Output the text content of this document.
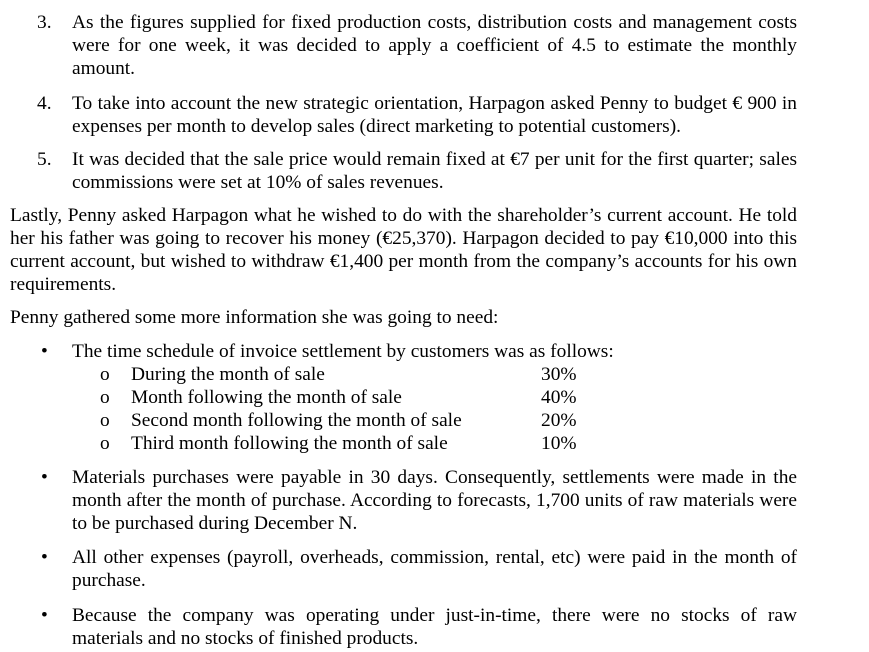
3.	As the figures supplied for fixed production costs, distribution costs and management costs were for one week, it was decided to apply a coefficient of 4.5 to estimate the monthly amount.
4.	To take into account the new strategic orientation, Harpagon asked Penny to budget € 900 in expenses per month to develop sales (direct marketing to potential customers).
5.	It was decided that the sale price would remain fixed at €7 per unit for the first quarter; sales commissions were set at 10% of sales revenues.
Lastly, Penny asked Harpagon what he wished to do with the shareholder’s current account. He told her his father was going to recover his money (€25,370). Harpagon decided to pay €10,000 into this current account, but wished to withdraw €1,400 per month from the company’s accounts for his own requirements.
Penny gathered some more information she was going to need:
• The time schedule of invoice settlement by customers was as follows:
o During the month of sale	30%
o Month following the month of sale	40%
o Second month following the month of sale	20%
o Third month following the month of sale	10%
• Materials purchases were payable in 30 days. Consequently, settlements were made in the month after the month of purchase. According to forecasts, 1,700 units of raw materials were to be purchased during December N.
• All other expenses (payroll, overheads, commission, rental, etc) were paid in the month of purchase.
• Because the company was operating under just-in-time, there were no stocks of raw materials and no stocks of finished products.
